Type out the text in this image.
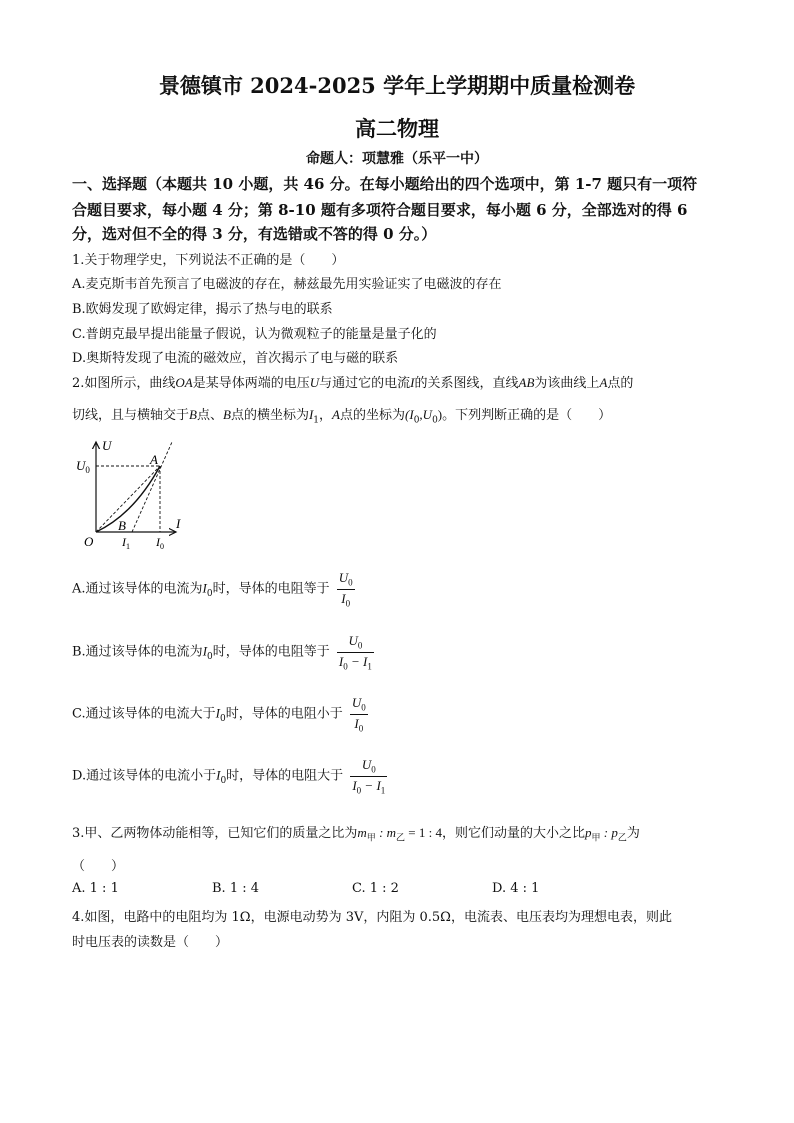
景德镇市 2024-2025 学年上学期期中质量检测卷
高二物理
命题人：项慧雅（乐平一中）
一、选择题（本题共 10 小题，共 46 分。在每小题给出的四个选项中，第 1-7 题只有一项符
合题目要求，每小题 4 分；第 8-10 题有多项符合题目要求，每小题 6 分，全部选对的得 6
分，选对但不全的得 3 分，有选错或不答的得 0 分。）
1.关于物理学史，下列说法不正确的是（　　）
A.麦克斯韦首先预言了电磁波的存在，赫兹最先用实验证实了电磁波的存在
B.欧姆发现了欧姆定律，揭示了热与电的联系
C.普朗克最早提出能量子假说，认为微观粒子的能量是量子化的
D.奥斯特发现了电流的磁效应，首次揭示了电与磁的联系
2.如图所示，曲线OA是某导体两端的电压U与通过它的电流I的关系图线，直线AB为该曲线上A点的
切线，且与横轴交于B点、B点的横坐标为$I_1$，A点的坐标为$(I_0,U_0)$。下列判断正确的是（　　）
U
$U_0$
A
B	I
O $I_1$ $I_0$
A.通过该导体的电流为$I_0$时，导体的电阻等于 $\frac{U_0}{I_0}$
B.通过该导体的电流为$I_0$时，导体的电阻等于 $\frac{U_0}{I_0 - I_1}$
C.通过该导体的电流大于$I_0$时，导体的电阻小于 $\frac{U_0}{I_0}$
D.通过该导体的电流小于$I_0$时，导体的电阻大于 $\frac{U_0}{I_0 - I_1}$
3.甲、乙两物体动能相等，已知它们的质量之比为$m_甲$ : $m_乙 = 1$ : 4，则它们动量的大小之比$p_甲$ : $p_乙$为
（　　）
A. 1 : 1	B. 1 : 4	C. 1 : 2	D. 4 : 1
4.如图，电路中的电阻均为 1Ω，电源电动势为 3V，内阻为 0.5Ω，电流表、电压表均为理想电表，则此
时电压表的读数是（　　）
